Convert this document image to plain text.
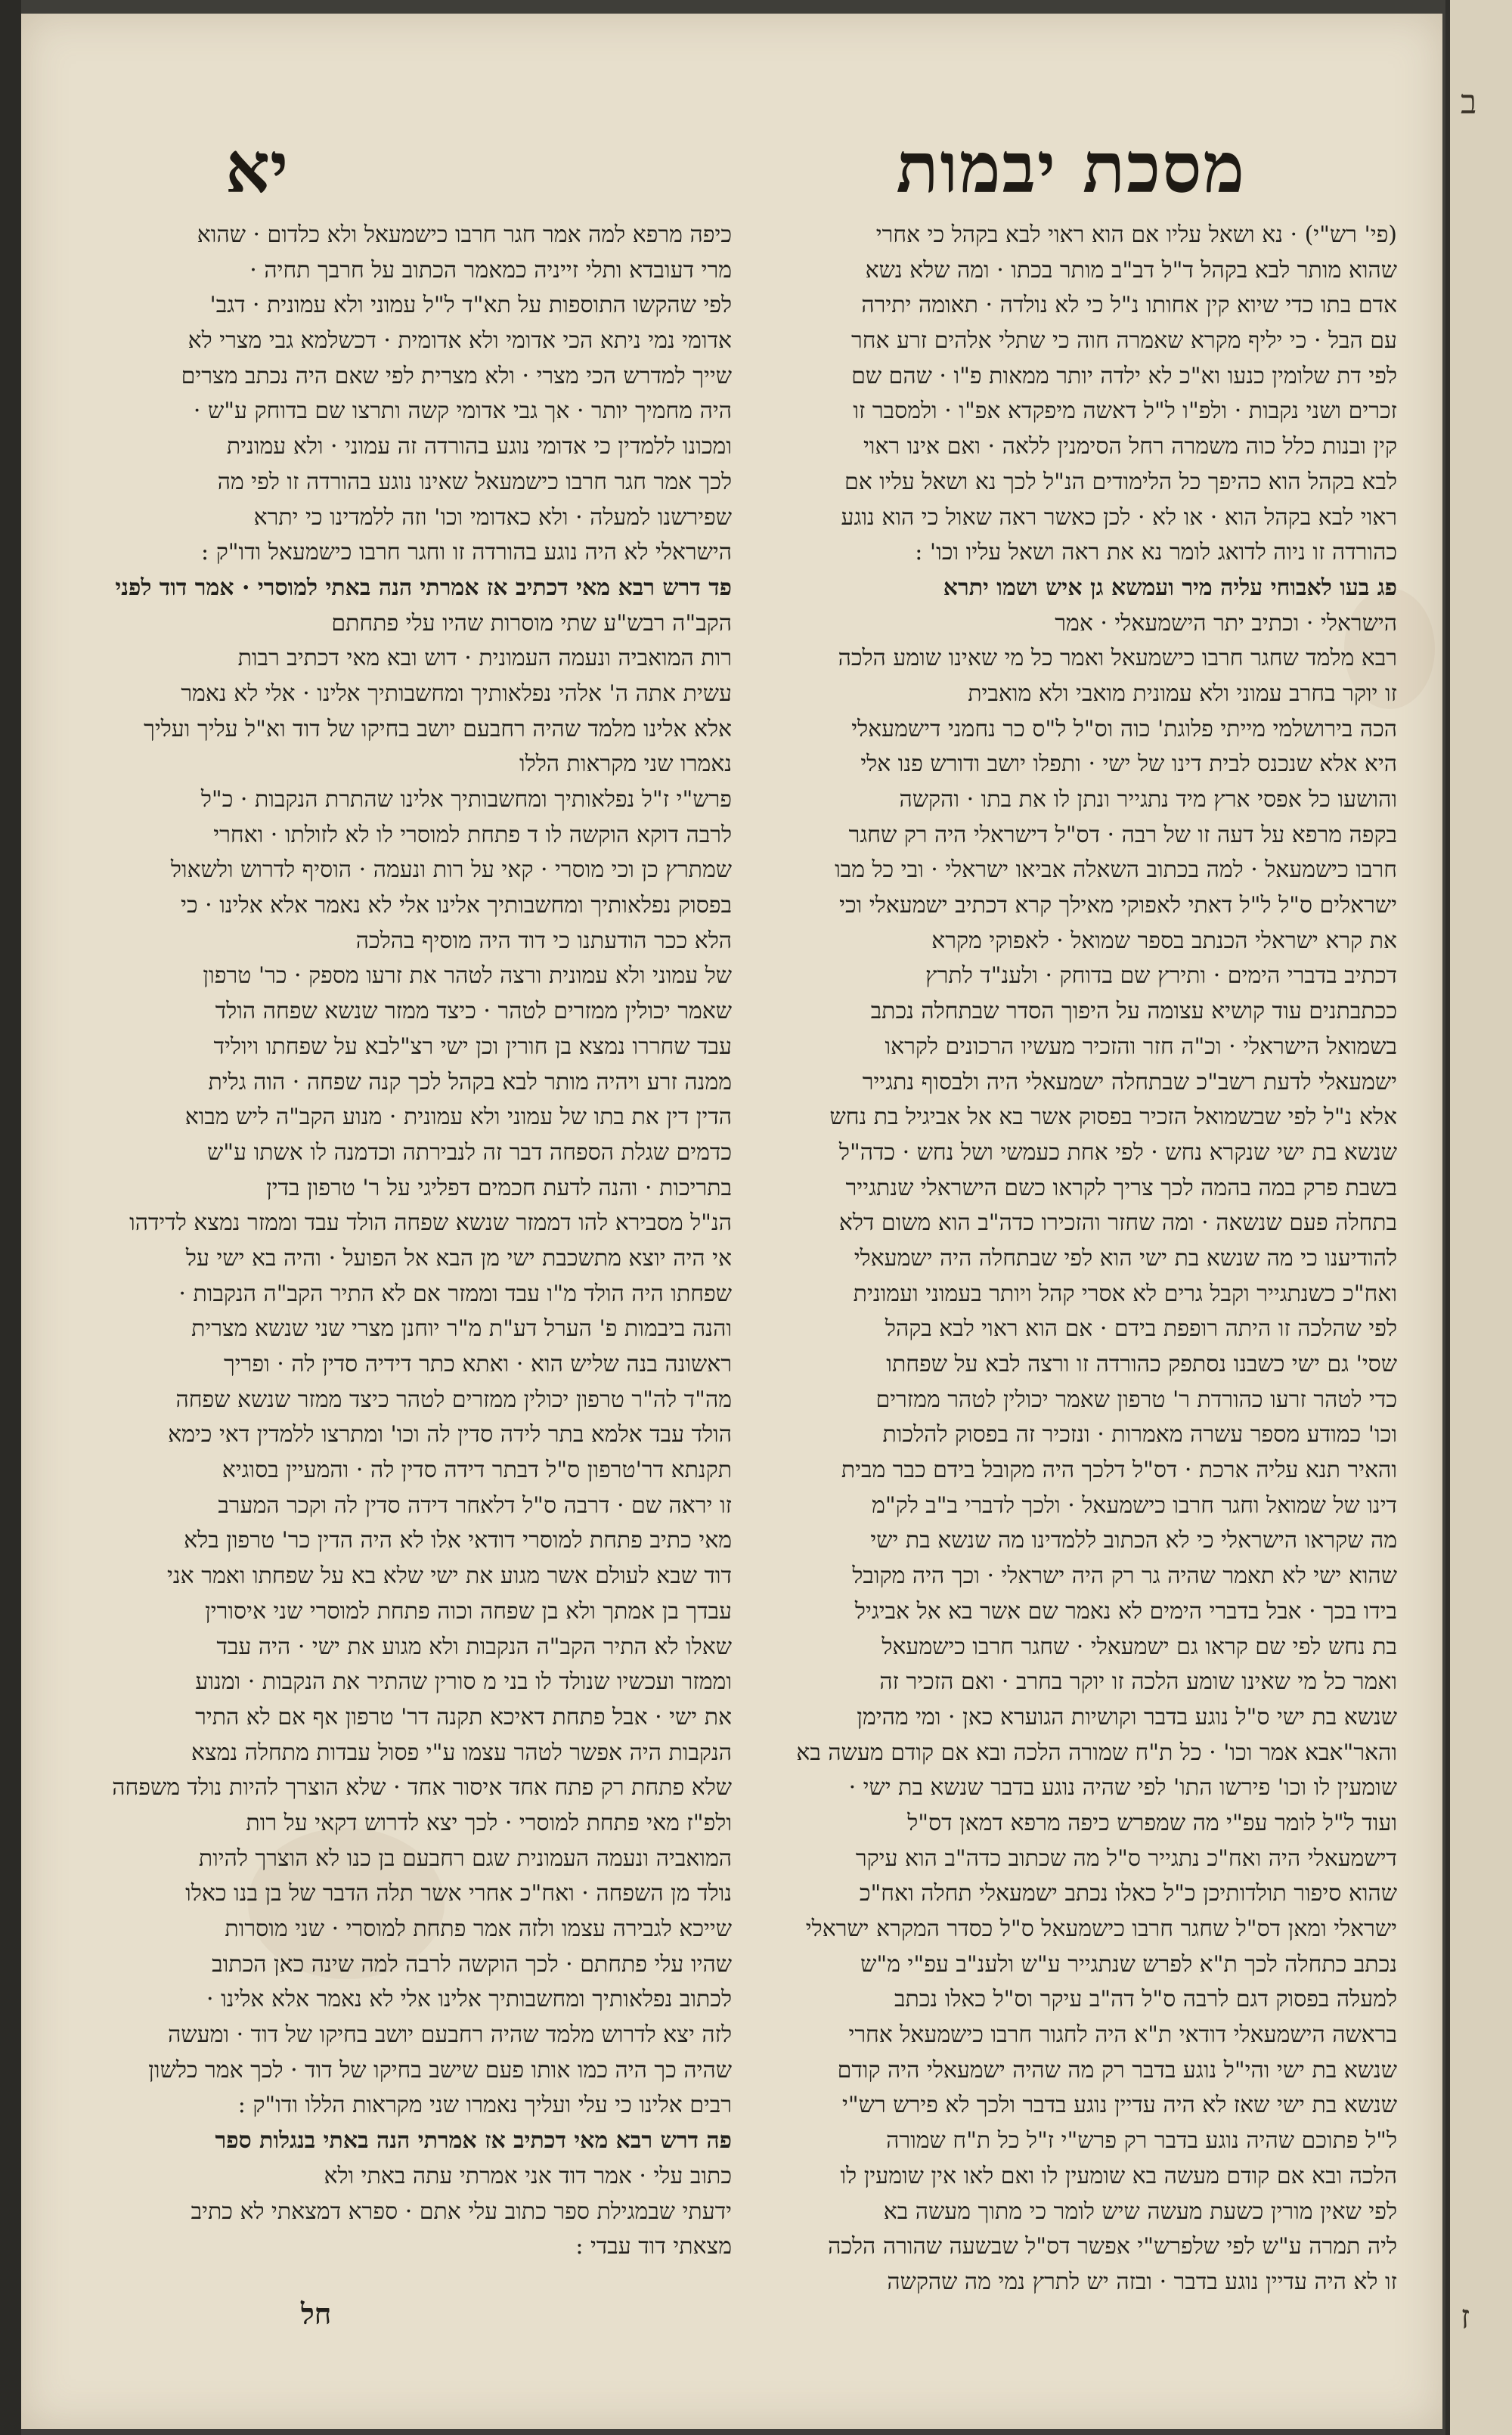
מסכת יבמות
יא
(פי' רש"י) · נא ושאל עליו אם הוא ראוי לבא בקהל כי אחרי
שהוא מותר לבא בקהל ד"ל דב"ב מותר בכתו · ומה שלא נשא
אדם בתו כדי שיוא קין אחותו נ"ל כי לא נולדה · תאומה יתירה
עם הבל · כי יליף מקרא שאמרה חוה כי שתלי אלהים זרע אחר
לפי דת שלומין כנעו וא"כ לא ילדה יותר ממאות פ"ו · שהם שם
זכרים ושני נקבות · ולפ"ו ל"ל דאשה מיפקדא אפ"ו · ולמסבר זו
קין ובנות כלל כוה משמרה רחל הסימנין ללאה · ואם אינו ראוי
לבא בקהל הוא כהיפך כל הלימודים הנ"ל לכך נא ושאל עליו אם
ראוי לבא בקהל הוא · או לא · לכן כאשר ראה שאול כי הוא נוגע
כהורדה זו ניוה לדואג לומר נא את ראה ושאל עליו וכו' :
פג בעו לאבוחי עליה מיר ועמשא גן איש ושמו יתרא
הישראלי · וכתיב יתר הישמעאלי · אמר
רבא מלמד שחגר חרבו כישמעאל ואמר כל מי שאינו שומע הלכה
זו יוקר בחרב עמוני ולא עמונית מואבי ולא מואבית
הכה בירושלמי מייתי פלוגת' כוה וס"ל ל"ס כר נחמני דישמעאלי
היא אלא שנכנס לבית דינו של ישי · ותפלו יושב ודורש פנו אלי
והושעו כל אפסי ארץ מיד נתגייר ונתן לו את בתו · והקשה
בקפה מרפא על דעה זו של רבה · דס"ל דישראלי היה רק שחגר
חרבו כישמעאל · למה בכתוב השאלה אביאו ישראלי · ובי כל מבו
ישראלים ס"ל ל"ל דאתי לאפוקי מאילך קרא דכתיב ישמעאלי וכי
את קרא ישראלי הכנתב בספר שמואל · לאפוקי מקרא
דכתיב בדברי הימים · ותירץ שם בדוחק · ולענ"ד לתרץ
ככתבתנים עוד קושיא עצומה על היפוך הסדר שבתחלה נכתב
בשמואל הישראלי · וכ"ה חזר והזכיר מעשיו הרכונים לקראו
ישמעאלי לדעת רשב"כ שבתחלה ישמעאלי היה ולבסוף נתגייר
אלא נ"ל לפי שבשמואל הזכיר בפסוק אשר בא אל אביגיל בת נחש
שנשא בת ישי שנקרא נחש · לפי אחת כעמשי ושל נחש · כדה"ל
בשבת פרק במה בהמה לכך צריך לקראו כשם הישראלי שנתגייר
בתחלה פעם שנשאה · ומה שחזר והזכירו כדה"ב הוא משום דלא
להודיענו כי מה שנשא בת ישי הוא לפי שבתחלה היה ישמעאלי
ואח"כ כשנתגייר וקבל גרים לא אסרי קהל ויותר בעמוני ועמונית
לפי שהלכה זו היתה רופפת בידם · אם הוא ראוי לבא בקהל
שסי' גם ישי כשבנו נסתפק כהורדה זו ורצה לבא על שפחתו
כדי לטהר זרעו כהורדת ר' טרפון שאמר יכולין לטהר ממזרים
וכו' כמודע מספר עשרה מאמרות · ונזכיר זה בפסוק להלכות
והאיר תנא עליה ארכת · דס"ל דלכך היה מקובל בידם כבר מבית
דינו של שמואל וחגר חרבו כישמעאל · ולכך לדברי ב"ב לק"מ
מה שקראו הישראלי כי לא הכתוב ללמדינו מה שנשא בת ישי
שהוא ישי לא תאמר שהיה גר רק היה ישראלי · וכך היה מקובל
בידו בכך · אבל בדברי הימים לא נאמר שם אשר בא אל אביגיל
בת נחש לפי שם קראו גם ישמעאלי · שחגר חרבו כישמעאל
ואמר כל מי שאינו שומע הלכה זו יוקר בחרב · ואם הזכיר זה
שנשא בת ישי ס"ל נוגע בדבר וקושיות הגוערא כאן · ומי מהימן
והאר"אבא אמר וכו' · כל ת"ח שמורה הלכה ובא אם קודם מעשה בא
שומעין לו וכו' פירשו התו' לפי שהיה נוגע בדבר שנשא בת ישי ·
ועוד ל"ל לומר עפ"י מה שמפרש כיפה מרפא דמאן דס"ל
דישמעאלי היה ואח"כ נתגייר ס"ל מה שכתוב כדה"ב הוא עיקר
שהוא סיפור תולדותיכן כ"ל כאלו נכתב ישמעאלי תחלה ואח"כ
ישראלי ומאן דס"ל שחגר חרבו כישמעאל ס"ל כסדר המקרא ישראלי
נכתב כתחלה לכך ת"א לפרש שנתגייר ע"ש ולענ"ב עפ"י מ"ש
למעלה בפסוק דגם לרבה ס"ל דה"ב עיקר וס"ל כאלו נכתב
בראשה הישמעאלי דודאי ת"א היה לחגור חרבו כישמעאל אחרי
שנשא בת ישי והי"ל נוגע בדבר רק מה שהיה ישמעאלי היה קודם
שנשא בת ישי שאז לא היה עדיין נוגע בדבר ולכך לא פירש רש"י
ל"ל פתוכם שהיה נוגע בדבר רק פרש"י ז"ל כל ת"ח שמורה
הלכה ובא אם קודם מעשה בא שומעין לו ואם לאו אין שומעין לו
לפי שאין מורין כשעת מעשה שיש לומר כי מתוך מעשה בא
ליה תמרה ע"ש לפי שלפרש"י אפשר דס"ל שבשעה שהורה הלכה
זו לא היה עדיין נוגע בדבר · ובזה יש לתרץ נמי מה שהקשה
כיפה מרפא למה אמר חגר חרבו כישמעאל ולא כלדום · שהוא
מרי דעובדא ותלי זייניה כמאמר הכתוב על חרבך תחיה ·
לפי שהקשו התוספות על תא"ד ל"ל עמוני ולא עמונית · דגב'
אדומי נמי ניתא הכי אדומי ולא אדומית · דכשלמא גבי מצרי לא
שייך למדרש הכי מצרי · ולא מצרית לפי שאם היה נכתב מצרים
היה מחמיך יותר · אך גבי אדומי קשה ותרצו שם בדוחק ע"ש ·
ומכונו ללמדין כי אדומי נוגע בהורדה זה עמוני · ולא עמונית
לכך אמר חגר חרבו כישמעאל שאינו נוגע בהורדה זו לפי מה
שפירשנו למעלה · ולא כאדומי וכו' וזה ללמדינו כי יתרא
הישראלי לא היה נוגע בהורדה זו וחגר חרבו כישמעאל ודו"ק :
פד דרש רבא מאי דכתיב אז אמרתי הנה באתי למוסרי · אמר דוד לפני
הקב"ה רבש"ע שתי מוסרות שהיו עלי פתחתם
רות המואביה ונעמה העמונית · דוש ובא מאי דכתיב רבות
עשית אתה ה' אלהי נפלאותיך ומחשבותיך אלינו · אלי לא נאמר
אלא אלינו מלמד שהיה רחבעם יושב בחיקו של דוד וא"ל עליך ועליך
נאמרו שני מקראות הללו
פרש"י ז"ל נפלאותיך ומחשבותיך אלינו שהתרת הנקבות · כ"ל
לרבה דוקא הוקשה לו ד פתחת למוסרי לו לא לזולתו · ואחרי
שמתרץ כן וכי מוסרי · קאי על רות ונעמה · הוסיף לדרוש ולשאול
בפסוק נפלאותיך ומחשבותיך אלינו אלי לא נאמר אלא אלינו · כי
הלא ככר הודעתנו כי דוד היה מוסיף בהלכה
של עמוני ולא עמונית ורצה לטהר את זרעו מספק · כר' טרפון
שאמר יכולין ממזרים לטהר · כיצד ממזר שנשא שפחה הולד
עבד שחררו נמצא בן חורין וכן ישי רצ"לבא על שפחתו ויוליד
ממנה זרע ויהיה מותר לבא בקהל לכך קנה שפחה · הוה גלית
הדין דין את בתו של עמוני ולא עמונית · מנוע הקב"ה ליש מבוא
כדמים שגלת הספחה דבר זה לנבירתה וכדמנה לו אשתו ע"ש
בתריכות · והנה לדעת חכמים דפליגי על ר' טרפון בדין
הנ"ל מסבירא להו דממזר שנשא שפחה הולד עבד וממזר נמצא לדידהו
אי היה יוצא מתשכבת ישי מן הבא אל הפועל · והיה בא ישי על
שפחתו היה הולד מ"ו עבד וממזר אם לא התיר הקב"ה הנקבות ·
והנה ביבמות פ' הערל דע"ת מ"ר יוחנן מצרי שני שנשא מצרית
ראשונה בנה שליש הוא · ואתא כתר דידיה סדין לה · ופריך
מה"ד לה"ר טרפון יכולין ממזרים לטהר כיצד ממזר שנשא שפחה
הולד עבד אלמא בתר לידה סדין לה וכו' ומתרצו ללמדין דאי כימא
תקנתא דר'טרפון ס"ל דבתר דידה סדין לה · והמעיין בסוגיא
זו יראה שם · דרבה ס"ל דלאחר דידה סדין לה וקכר המערב
מאי כתיב פתחת למוסרי דודאי אלו לא היה הדין כר' טרפון בלא
דוד שבא לעולם אשר מגוע את ישי שלא בא על שפחתו ואמר אני
עבדך בן אמתך ולא בן שפחה וכוה פתחת למוסרי שני איסורין
שאלו לא התיר הקב"ה הנקבות ולא מגוע את ישי · היה עבד
וממזר ועכשיו שנולד לו בני מ סורין שהתיר את הנקבות · ומנוע
את ישי · אבל פתחת דאיכא תקנה דר' טרפון אף אם לא התיר
הנקבות היה אפשר לטהר עצמו ע"י פסול עבדות מתחלה נמצא
שלא פתחת רק פתח אחד איסור אחד · שלא הוצרך להיות נולד משפחה
ולפ"ז מאי פתחת למוסרי · לכך יצא לדרוש דקאי על רות
המואביה ונעמה העמונית שגם רחבעם בן כנו לא הוצרך להיות
נולד מן השפחה · ואח"כ אחרי אשר תלה הדבר של בן בנו כאלו
שייכא לגבירה עצמו ולזה אמר פתחת למוסרי · שני מוסרות
שהיו עלי פתחתם · לכך הוקשה לרבה למה שינה כאן הכתוב
לכתוב נפלאותיך ומחשבותיך אלינו אלי לא נאמר אלא אלינו ·
לזה יצא לדרוש מלמד שהיה רחבעם יושב בחיקו של דוד · ומעשה
שהיה כך היה כמו אותו פעם שישב בחיקו של דוד · לכך אמר כלשון
רבים אלינו כי עלי ועליך נאמרו שני מקראות הללו ודו"ק :
פה דרש רבא מאי דכתיב אז אמרתי הנה באתי בנגלות ספר
כתוב עלי · אמר דוד אני אמרתי עתה באתי ולא
ידעתי שבמגילת ספר כתוב עלי אתם · ספרא דמצאתי לא כתיב
מצאתי דוד עבדי :
חל
ב
ז
